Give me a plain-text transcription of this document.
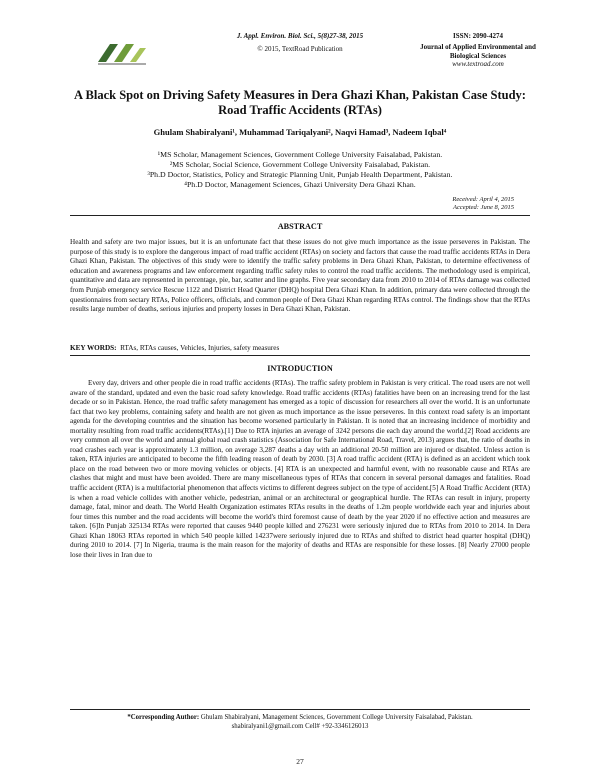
J. Appl. Environ. Biol. Sci., 5(8)27-38, 2015
© 2015, TextRoad Publication
ISSN: 2090-4274
Journal of Applied Environmental and Biological Sciences
www.textroad.com
A Black Spot on Driving Safety Measures in Dera Ghazi Khan, Pakistan Case Study: Road Traffic Accidents (RTAs)
Ghulam Shabiralyani¹, Muhammad Tariqalyani², Naqvi Hamad³, Nadeem Iqbal⁴
¹MS Scholar, Management Sciences, Government College University Faisalabad, Pakistan.
²MS Scholar, Social Science, Government College University Faisalabad, Pakistan.
³Ph.D Doctor, Statistics, Policy and Strategic Planning Unit, Punjab Health Department, Pakistan.
⁴Ph.D Doctor, Management Sciences, Ghazi University Dera Ghazi Khan.
Received: April 4, 2015
Accepted: June 8, 2015
ABSTRACT
Health and safety are two major issues, but it is an unfortunate fact that these issues do not give much importance as the issue perseveres in Pakistan. The purpose of this study is to explore the dangerous impact of road traffic accident (RTAs) on society and factors that cause the road traffic accidents RTAs in Dera Ghazi Khan, Pakistan. The objectives of this study were to identify the traffic safety problems in Dera Ghazi Khan, Pakistan, to determine effectiveness of education and awareness programs and law enforcement regarding traffic safety rules to control the road traffic accidents. The methodology used is empirical, quantitative and data are represented in percentage, pie, bar, scatter and line graphs. Five year secondary data from 2010 to 2014 of RTAs damage was collected from Punjab emergency service Rescue 1122 and District Head Quarter (DHQ) hospital Dera Ghazi Khan. In addition, primary data were collected through the questionnaires from sectary RTAs, Police officers, officials, and common people of Dera Ghazi Khan regarding RTAs control. The findings show that the RTAs results large number of deaths, serious injuries and property losses in Dera Ghazi Khan, Pakistan.
KEY WORDS: RTAs, RTAs causes, Vehicles, Injuries, safety measures
INTRODUCTION
Every day, drivers and other people die in road traffic accidents (RTAs). The traffic safety problem in Pakistan is very critical. The road users are not well aware of the standard, updated and even the basic road safety knowledge. Road traffic accidents (RTAs) fatalities have been on an increasing trend for the last decade or so in Pakistan. Hence, the road traffic safety management has emerged as a topic of discussion for researchers all over the world. It is an unfortunate fact that two key problems, containing safety and health are not given as much importance as the issue perseveres. In this context road safety is an important agenda for the developing countries and the situation has become worsened particularly in Pakistan. It is noted that an increasing incidence of morbidity and mortality resulting from road traffic accidents(RTAs).[1] Due to RTA injuries an average of 3242 persons die each day around the world.[2] Road accidents are very common all over the world and annual global road crash statistics (Association for Safe International Road, Travel, 2013) argues that, the ratio of deaths in road crashes each year is approximately 1.3 million, on average 3,287 deaths a day with an additional 20-50 million are injured or disabled. Unless action is taken, RTA injuries are anticipated to become the fifth leading reason of death by 2030. [3] A road traffic accident (RTA) is defined as an accident which took place on the road between two or more moving vehicles or objects. [4] RTA is an unexpected and harmful event, with no reasonable cause and RTAs are clashes that might and must have been avoided. There are many miscellaneous types of RTAs that concern in several personal damages and fatalities. Road traffic accident (RTA) is a multifactorial phenomenon that affects victims to different degrees subject on the type of accident.[5] A Road Traffic Accident (RTA) is when a road vehicle collides with another vehicle, pedestrian, animal or an architectural or geographical hurdle. The RTAs can result in injury, property damage, fatal, minor and death. The World Health Organization estimates RTAs results in the deaths of 1.2m people worldwide each year and injuries about four times this number and the road accidents will become the world's third foremost cause of death by the year 2020 if no effective action and measures are taken. [6]In Punjab 325134 RTAs were reported that causes 9440 people killed and 276231 were seriously injured due to RTAs from 2010 to 2014. In Dera Ghazi Khan 18063 RTAs reported in which 540 people killed 14237were seriously injured due to RTAs and shifted to district head quarter hospital (DHQ) during 2010 to 2014. [7] In Nigeria, trauma is the main reason for the majority of deaths and RTAs are responsible for these losses. [8] Nearly 27000 people lose their lives in Iran due to
*Corresponding Author: Ghulam Shabiralyani, Management Sciences, Government College University Faisalabad, Pakistan.
shabiralyani1@gmail.com Cell# +92-3346126013
27
